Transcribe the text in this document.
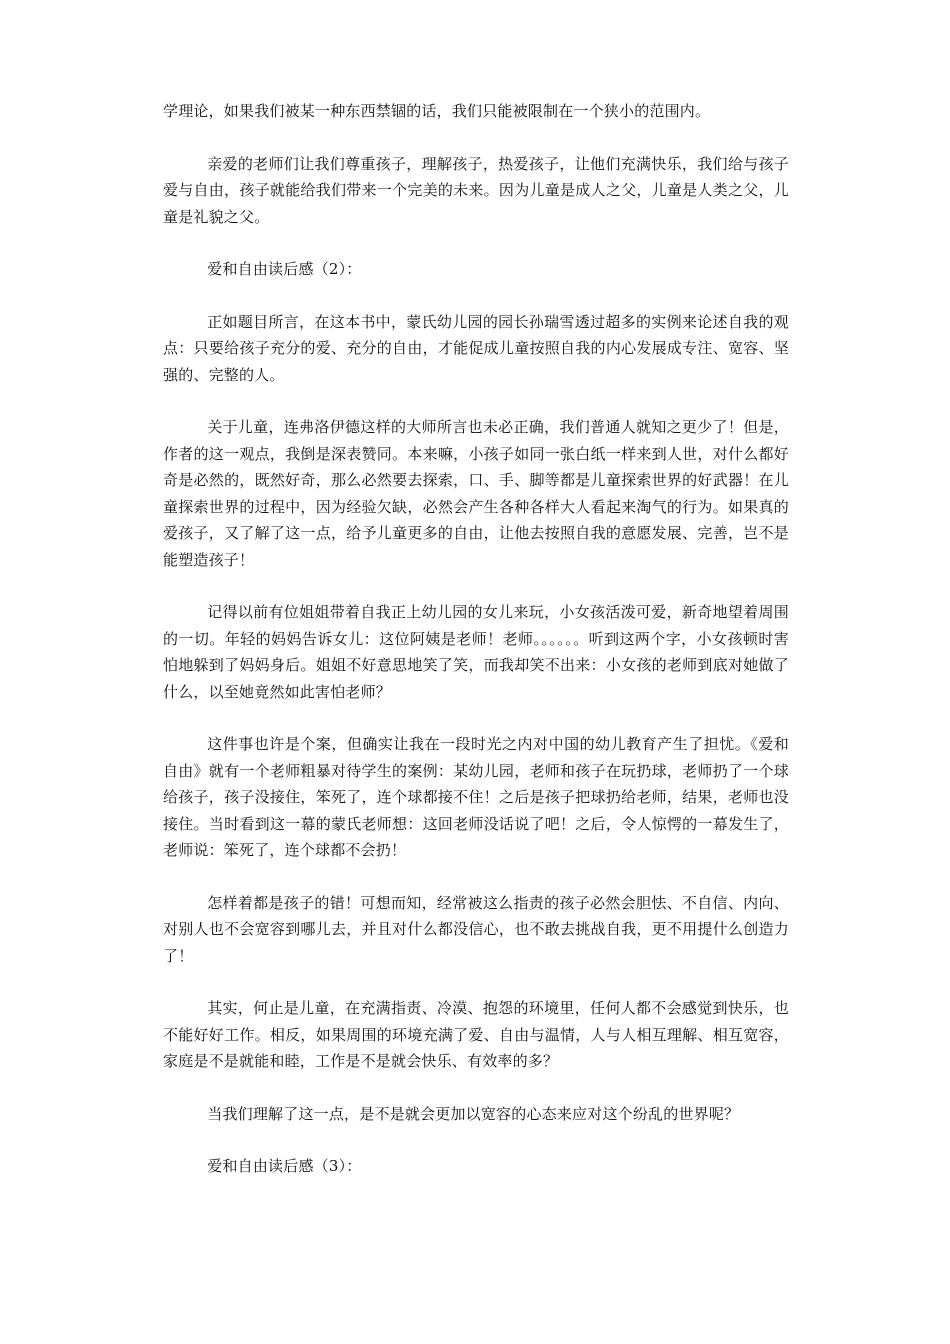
学理论，如果我们被某一种东西禁锢的话，我们只能被限制在一个狭小的范围内。

亲爱的老师们让我们尊重孩子，理解孩子，热爱孩子，让他们充满快乐，我们给与孩子爱与自由，孩子就能给我们带来一个完美的未来。因为儿童是成人之父，儿童是人类之父，儿童是礼貌之父。

爱和自由读后感（2）：

正如题目所言，在这本书中，蒙氏幼儿园的园长孙瑞雪透过超多的实例来论述自我的观点：只要给孩子充分的爱、充分的自由，才能促成儿童按照自我的内心发展成专注、宽容、坚强的、完整的人。

关于儿童，连弗洛伊德这样的大师所言也未必正确，我们普通人就知之更少了！但是，作者的这一观点，我倒是深表赞同。本来嘛，小孩子如同一张白纸一样来到人世，对什么都好奇是必然的，既然好奇，那么必然要去探索，口、手、脚等都是儿童探索世界的好武器！在儿童探索世界的过程中，因为经验欠缺，必然会产生各种各样大人看起来淘气的行为。如果真的爱孩子，又了解了这一点，给予儿童更多的自由，让他去按照自我的意愿发展、完善，岂不是能塑造孩子！

记得以前有位姐姐带着自我正上幼儿园的女儿来玩，小女孩活泼可爱，新奇地望着周围的一切。年轻的妈妈告诉女儿：这位阿姨是老师！老师。。。。。。听到这两个字，小女孩顿时害怕地躲到了妈妈身后。姐姐不好意思地笑了笑，而我却笑不出来：小女孩的老师到底对她做了什么，以至她竟然如此害怕老师？

这件事也许是个案，但确实让我在一段时光之内对中国的幼儿教育产生了担忧。《爱和自由》就有一个老师粗暴对待学生的案例：某幼儿园，老师和孩子在玩扔球，老师扔了一个球给孩子，孩子没接住，笨死了，连个球都接不住！之后是孩子把球扔给老师，结果，老师也没接住。当时看到这一幕的蒙氏老师想：这回老师没话说了吧！之后，令人惊愕的一幕发生了，老师说：笨死了，连个球都不会扔！

怎样着都是孩子的错！可想而知，经常被这么指责的孩子必然会胆怯、不自信、内向、对别人也不会宽容到哪儿去，并且对什么都没信心，也不敢去挑战自我，更不用提什么创造力了！

其实，何止是儿童，在充满指责、冷漠、抱怨的环境里，任何人都不会感觉到快乐，也不能好好工作。相反，如果周围的环境充满了爱、自由与温情，人与人相互理解、相互宽容，家庭是不是就能和睦，工作是不是就会快乐、有效率的多？

当我们理解了这一点，是不是就会更加以宽容的心态来应对这个纷乱的世界呢？

爱和自由读后感（3）：
